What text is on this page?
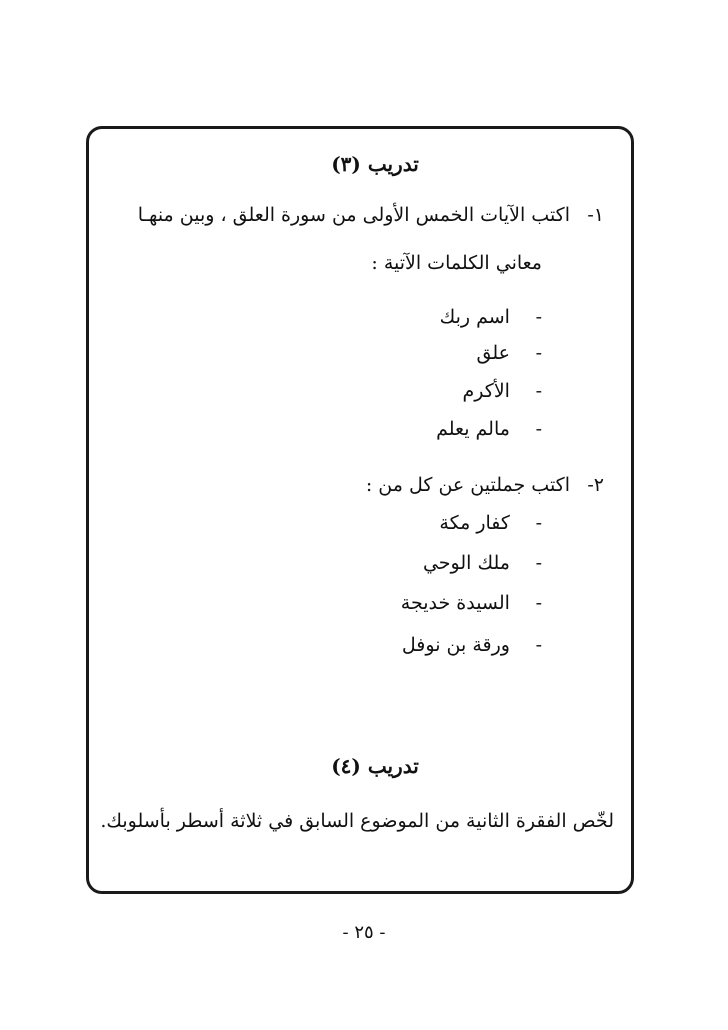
تدريب (٣)
١-
اكتب الآيات الخمس الأولى من سورة العلق ، وبين منهـا
معاني الكلمات الآتية :
- اسم ربك
- علق
- الأكرم
- مالم يعلم
٢-
اكتب جملتين عن كل من :
- كفار مكة
- ملك الوحي
- السيدة خديجة
- ورقة بن نوفل
تدريب (٤)
لخّص الفقرة الثانية من الموضوع السابق في ثلاثة أسطر بأسلوبك.
- ٢٥ -
